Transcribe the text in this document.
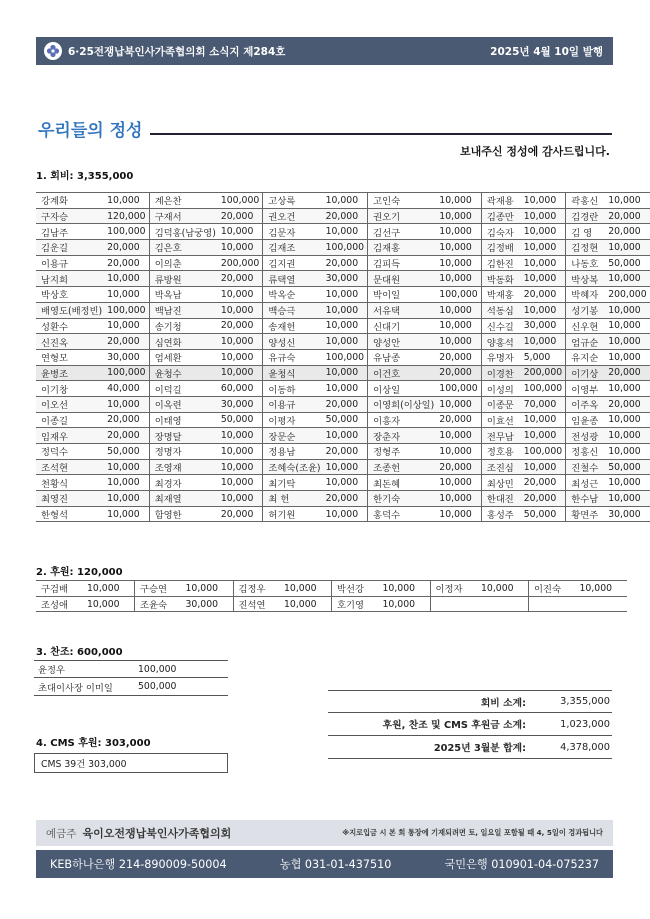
6·25전쟁납북인사가족협의회 소식지 제284호	2025년 4월 10일 발행
우리들의 정성
보내주신 정성에 감사드립니다.
1. 회비: 3,355,000
강계화	10,000	계은찬	100,000	고상록	10,000	고인숙	10,000	곽재용	10,000	곽홍신	10,000
구자승	120,000	구재서	20,000	권오건	20,000	권오기	10,000	김종만	10,000	김경란	20,000
김남주	100,000	김덕홍(남궁영)	10,000	김문자	10,000	김선구	10,000	김숙자	10,000	김 영	20,000
김운길	20,000	김은호	10,000	김재조	100,000	김재홍	10,000	김정배	10,000	김정현	10,000
이용규	20,000	이의춘	200,000	김지권	20,000	김피득	10,000	김한진	10,000	나동호	50,000
남지희	10,000	류방원	20,000	류택열	30,000	문대원	10,000	박동화	10,000	박상복	10,000
박상호	10,000	박옥남	10,000	박옥순	10,000	박이일	100,000	박재홍	20,000	박혜자	200,000
배영도(배정빈)	100,000	백남진	10,000	백승극	10,000	서유택	10,000	석동심	10,000	성기봉	10,000
성환수	10,000	송기청	20,000	송재헌	10,000	신대기	10,000	신수길	30,000	신우현	10,000
신진옥	20,000	심연화	10,000	양성신	10,000	양성안	10,000	양홍석	10,000	엄규순	10,000
연형모	30,000	엄세환	10,000	유규숙	100,000	유남종	20,000	유명자	5,000	유지순	10,000
윤병조	100,000	윤청수	10,000	윤청식	10,000	이건호	20,000	이경찬	200,000	이기상	20,000
이기창	40,000	이덕길	60,000	이동하	10,000	이상일	100,000	이성의	100,000	이영부	10,000
이오선	10,000	이옥련	30,000	이용규	20,000	이영희(이상일)	10,000	이종문	70,000	이주옥	20,000
이종길	20,000	이태영	50,000	이평자	50,000	이흥자	20,000	이효선	10,000	임윤종	10,000
임재우	20,000	장명달	10,000	장문순	10,000	장춘자	10,000	전무남	10,000	전성광	10,000
정덕수	50,000	정명자	10,000	정용남	20,000	정형주	10,000	정호용	100,000	정홍신	10,000
조석현	10,000	조영재	10,000	조혜숙(조윤)	10,000	조종헌	20,000	조진심	10,000	진철수	50,000
천황식	10,000	최경자	10,000	최기탁	10,000	최돈혜	10,000	최상민	20,000	최성근	10,000
최영진	10,000	최재열	10,000	최 헌	20,000	한기숙	10,000	한대진	20,000	한수남	10,000
한형석	10,000	함영한	20,000	허기원	10,000	홍덕수	10,000	홍성주	50,000	황면주	30,000
2. 후원: 120,000
구검배	10,000	구승연	10,000	김정우	10,000	박선강	10,000	이정자	10,000	이진숙	10,000
조성애	10,000	조윤숙	30,000	진석연	10,000	호기영	10,000				
3. 찬조: 600,000
윤정우	100,000
초대이사장 이미일	500,000
4. CMS 후원: 303,000
CMS 39건 303,000
회비 소계:	3,355,000
후원, 찬조 및 CMS 후원금 소계:	1,023,000
2025년 3월분 합계:	4,378,000
예금주 육이오전쟁납북인사가족협의회	※지로입금 시 본 회 통장에 기재되려면 토, 일요일 포함될 때 4, 5일이 경과됩니다
KEB하나은행 214-890009-50004	농협 031-01-437510	국민은행 010901-04-075237
